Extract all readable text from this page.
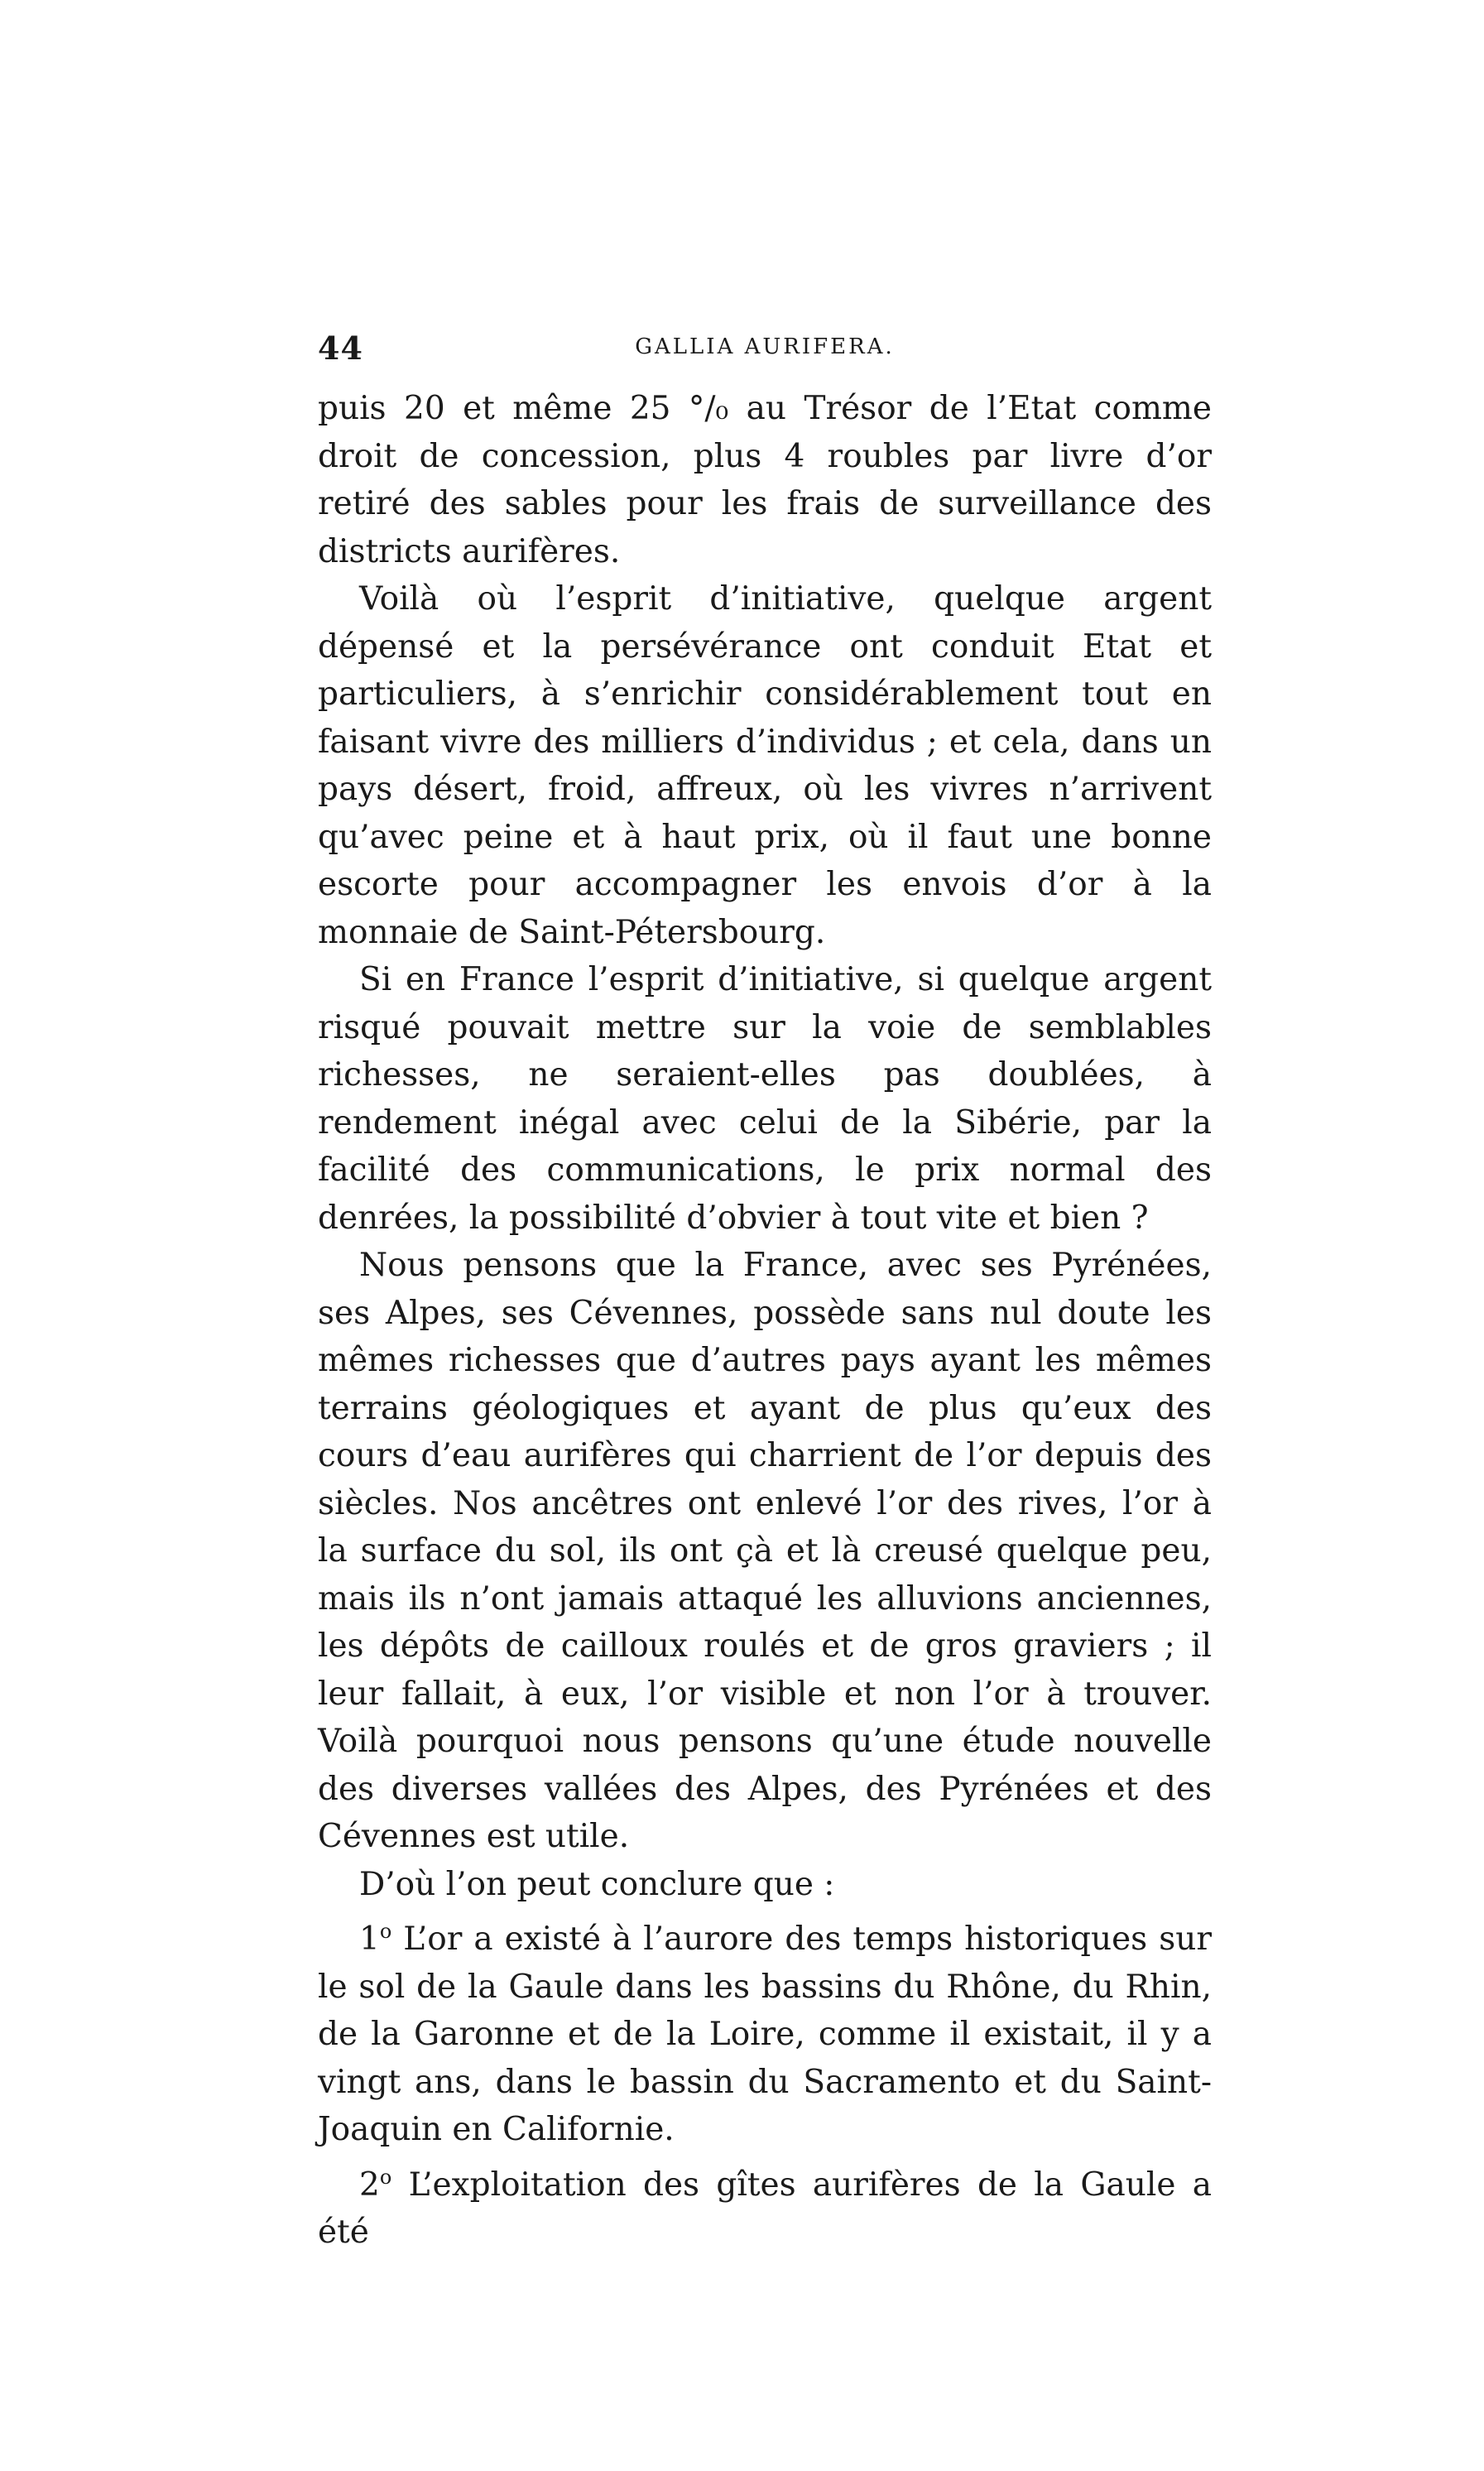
44	GALLIA AURIFERA.

puis 20 et même 25 °/₀ au Trésor de l’Etat comme droit de concession, plus 4 roubles par livre d’or retiré des sables pour les frais de surveillance des districts aurifères.

Voilà où l’esprit d’initiative, quelque argent dépensé et la persévérance ont conduit Etat et particuliers, à s’enrichir considérablement tout en faisant vivre des milliers d’individus ; et cela, dans un pays désert, froid, affreux, où les vivres n’arrivent qu’avec peine et à haut prix, où il faut une bonne escorte pour accompagner les envois d’or à la monnaie de Saint-Pétersbourg.

Si en France l’esprit d’initiative, si quelque argent risqué pouvait mettre sur la voie de semblables richesses, ne seraient-elles pas doublées, à rendement inégal avec celui de la Sibérie, par la facilité des communications, le prix normal des denrées, la possibilité d’obvier à tout vite et bien ?

Nous pensons que la France, avec ses Pyrénées, ses Alpes, ses Cévennes, possède sans nul doute les mêmes richesses que d’autres pays ayant les mêmes terrains géologiques et ayant de plus qu’eux des cours d’eau aurifères qui charrient de l’or depuis des siècles. Nos ancêtres ont enlevé l’or des rives, l’or à la surface du sol, ils ont çà et là creusé quelque peu, mais ils n’ont jamais attaqué les alluvions anciennes, les dépôts de cailloux roulés et de gros graviers ; il leur fallait, à eux, l’or visible et non l’or à trouver. Voilà pourquoi nous pensons qu’une étude nouvelle des diverses vallées des Alpes, des Pyrénées et des Cévennes est utile.

D’où l’on peut conclure que :

1$^o$ L’or a existé à l’aurore des temps historiques sur le sol de la Gaule dans les bassins du Rhône, du Rhin, de la Garonne et de la Loire, comme il existait, il y a vingt ans, dans le bassin du Sacramento et du Saint-Joaquin en Californie.

2$^o$ L’exploitation des gîtes aurifères de la Gaule a été
